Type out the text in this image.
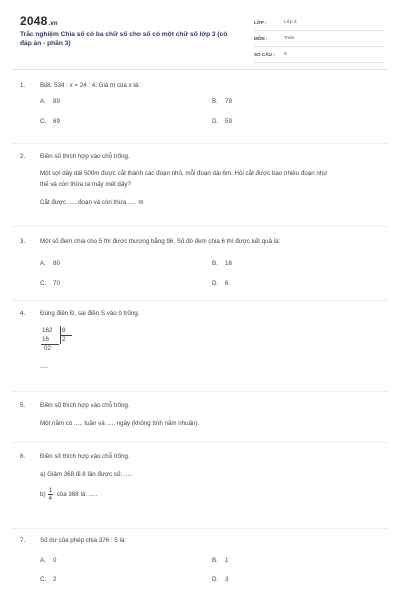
2048.vn
Trắc nghiệm Chia số có ba chữ số cho số có một chữ số lớp 3 (có đáp án - phần 3)
LỚP :	Lớp 3
MÔN :	Toán
SỐ CÂU :	9
1. Biết: 534 : x = 24 : 4. Giá trị của x là:
A. 89	B. 79
C. 69	D. 59
2. Điền số thích hợp vào chỗ trống.
Một sợi dây dài 500m được cắt thành các đoạn nhỏ, mỗi đoạn dài 6m. Hỏi cắt được bao nhiêu đoạn như thế và còn thừa ra mấy mét dây?
Cắt được ..... đoạn và còn thừa ..... m
3. Một số đem chia cho 5 thì được thương bằng 96. Số đó đem chia 6 thì được kết quả là:
A. 80	B. 16
C. 70	D. 6
4. Đúng điền Đ, sai điền S vào ô trống.
162 8
16 2
02
.....
5. Điền số thích hợp vào chỗ trống.
Một năm có ..... tuần và ..... ngày (không tính năm nhuận).
6. Điền số thích hợp vào chỗ trống.
a) Giảm 368 đi 8 lần được số: .....
$b) \frac{1}{4}$ của 368 là: .....
7. Số dư của phép chia 376 : 5 là:
A. 0	B. 1
C. 2	D. 3
